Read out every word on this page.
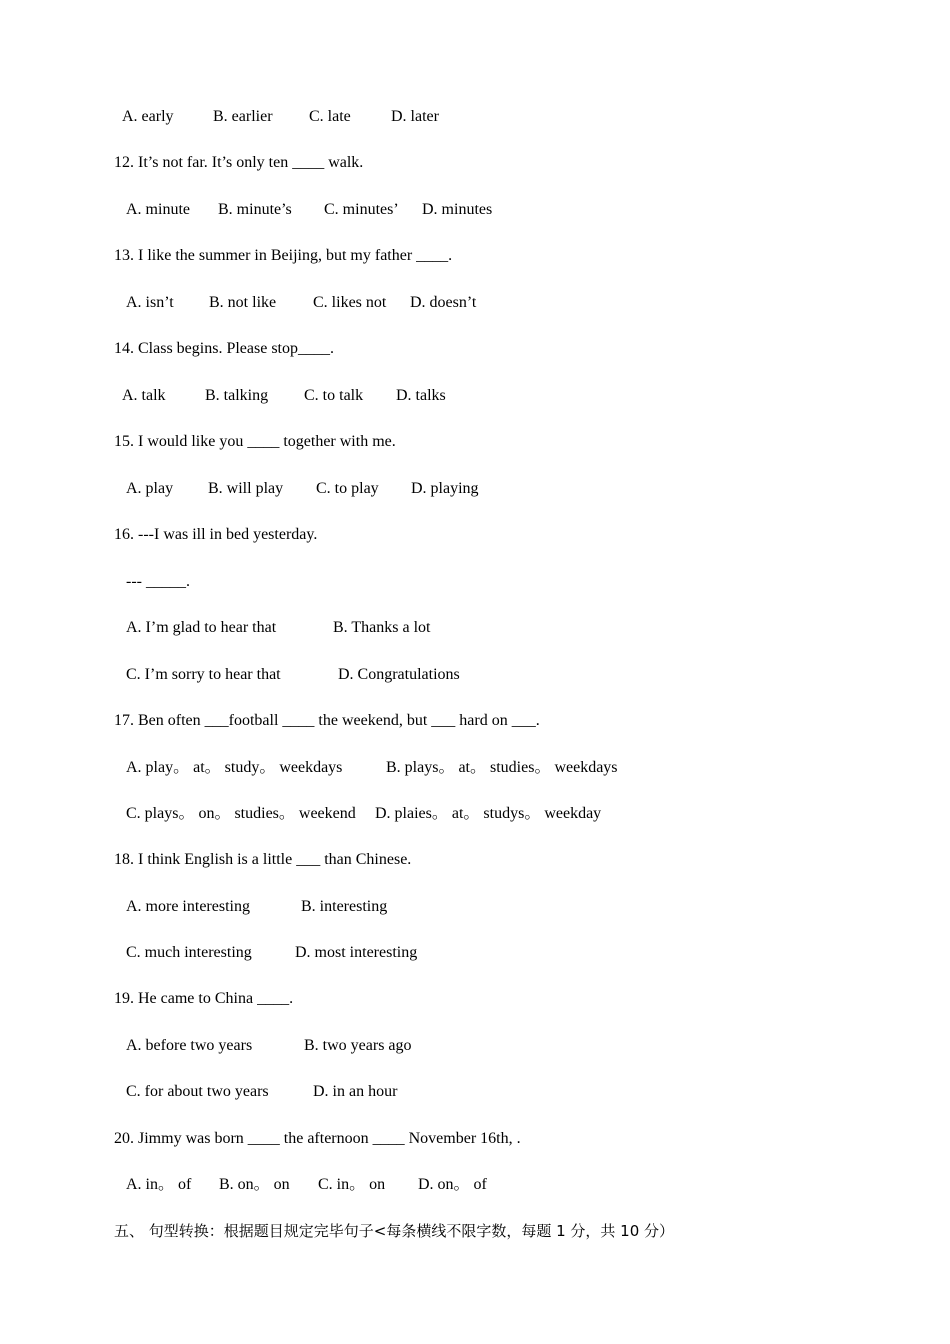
A. early B. earlier C. late	D. later
12. It’s not far. It’s only ten ____ walk.
A. minute B. minute’s C. minutes’ D. minutes
13. I like the summer in Beijing, but my father ____.
A. isn’t B. not like C. likes not D. doesn’t
14. Class begins. Please stop____.
A. talk B. talking C. to talk D. talks
15. I would like you ____ together with me.
A. play B. will play C. to play D. playing
16. ---I was ill in bed yesterday.
--- _____.
A. I’m glad to hear that	B. Thanks a lot
C. I’m sorry to hear that	D. Congratulations
17. Ben often ___football ____ the weekend, but ___ hard on ___.
A. play。 at。 study。 weekdays	B. plays。 at。 studies。 weekdays
C. plays。 on。 studies。 weekend D. plaies。 at。 studys。 weekday
18. I think English is a little ___ than Chinese.
A. more interesting	B. interesting
C. much interesting	D. most interesting
19. He came to China ____.
A. before two years	B. two years ago
C. for about two years	D. in an hour
20. Jimmy was born ____ the afternoon ____ November 16th, .
A. in。 of B. on。 on C. in。 on D. on。 of
五、 句型转换：根据题目规定完毕句子<每条横线不限字数，每题 1 分，共 10 分）
